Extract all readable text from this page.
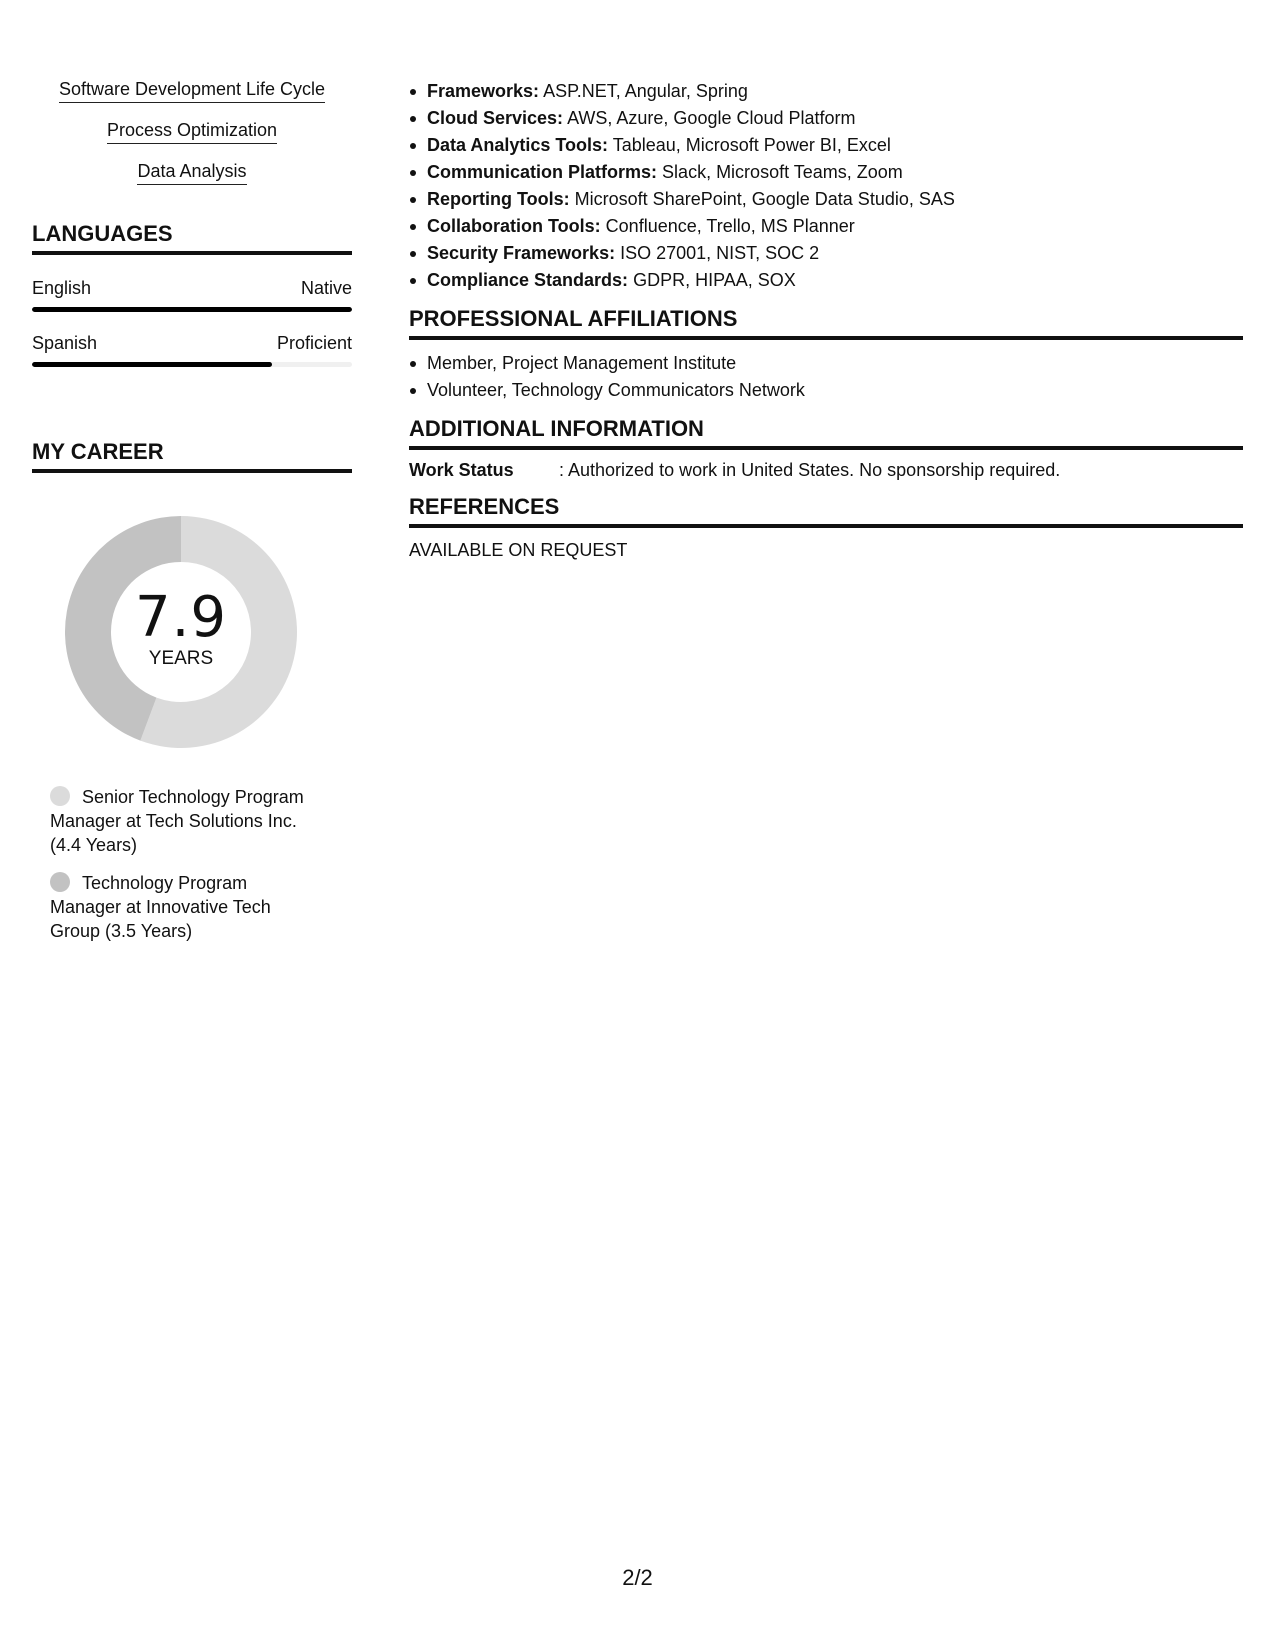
Software Development Life Cycle
Process Optimization
Data Analysis
LANGUAGES
English	Native
Spanish	Proficient
MY CAREER
7.9
YEARS
Senior Technology Program Manager at Tech Solutions Inc. (4.4 Years)
Technology Program Manager at Innovative Tech Group (3.5 Years)
Frameworks: ASP.NET, Angular, Spring
Cloud Services: AWS, Azure, Google Cloud Platform
Data Analytics Tools: Tableau, Microsoft Power BI, Excel
Communication Platforms: Slack, Microsoft Teams, Zoom
Reporting Tools: Microsoft SharePoint, Google Data Studio, SAS
Collaboration Tools: Confluence, Trello, MS Planner
Security Frameworks: ISO 27001, NIST, SOC 2
Compliance Standards: GDPR, HIPAA, SOX
PROFESSIONAL AFFILIATIONS
Member, Project Management Institute
Volunteer, Technology Communicators Network
ADDITIONAL INFORMATION
Work Status	: Authorized to work in United States. No sponsorship required.
REFERENCES
AVAILABLE ON REQUEST
2/2
